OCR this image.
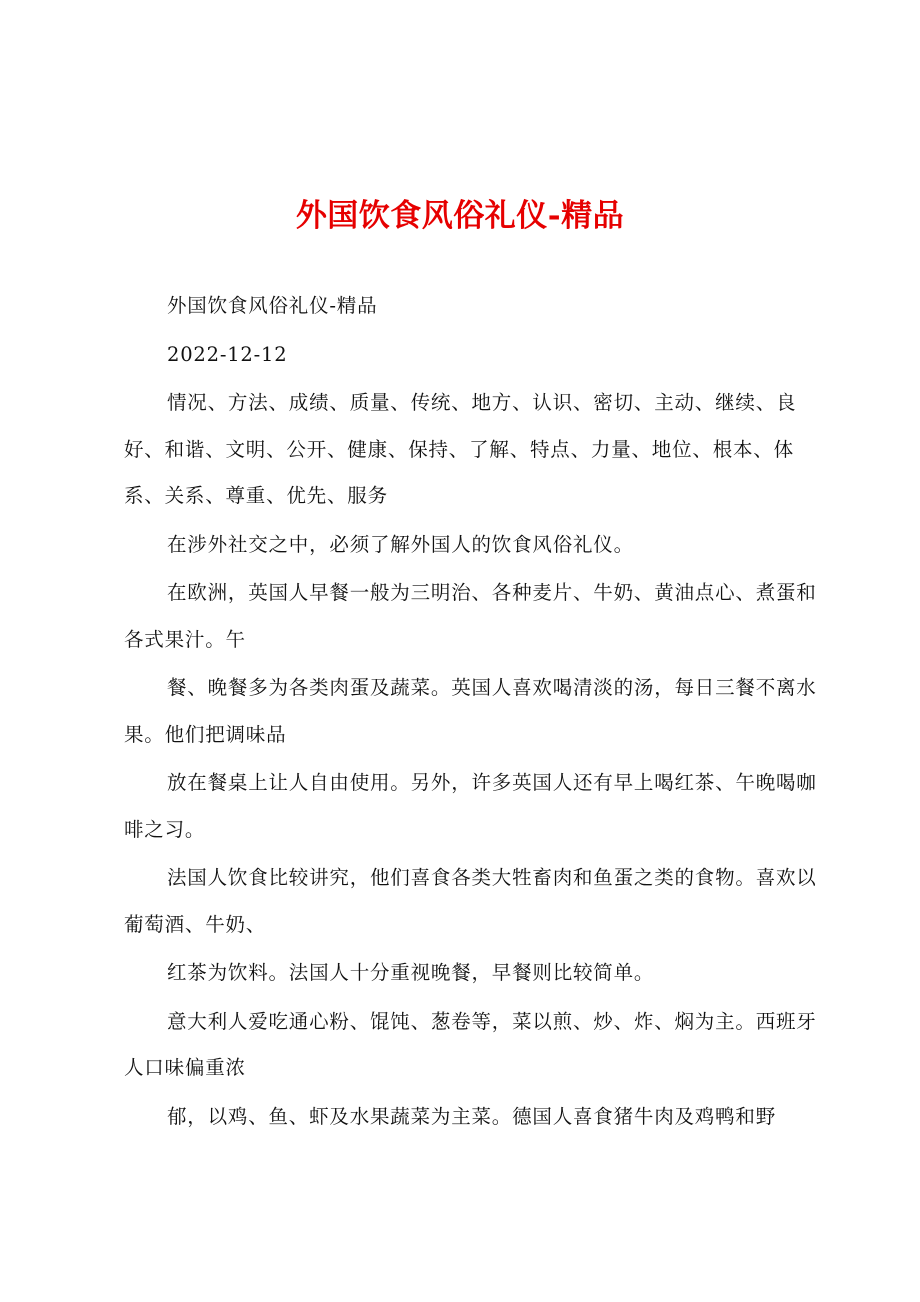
外国饮食风俗礼仪-精品

外国饮食风俗礼仪-精品

2022-12-12

情况、方法、成绩、质量、传统、地方、认识、密切、主动、继续、良好、和谐、文明、公开、健康、保持、了解、特点、力量、地位、根本、体系、关系、尊重、优先、服务

在涉外社交之中，必须了解外国人的饮食风俗礼仪。

在欧洲，英国人早餐一般为三明治、各种麦片、牛奶、黄油点心、煮蛋和各式果汁。午

餐、晚餐多为各类肉蛋及蔬菜。英国人喜欢喝清淡的汤，每日三餐不离水果。他们把调味品

放在餐桌上让人自由使用。另外，许多英国人还有早上喝红茶、午晚喝咖啡之习。

法国人饮食比较讲究，他们喜食各类大牲畜肉和鱼蛋之类的食物。喜欢以葡萄酒、牛奶、

红茶为饮料。法国人十分重视晚餐，早餐则比较简单。

意大利人爱吃通心粉、馄饨、葱卷等，菜以煎、炒、炸、焖为主。西班牙人口味偏重浓

郁，以鸡、鱼、虾及水果蔬菜为主菜。德国人喜食猪牛肉及鸡鸭和野
